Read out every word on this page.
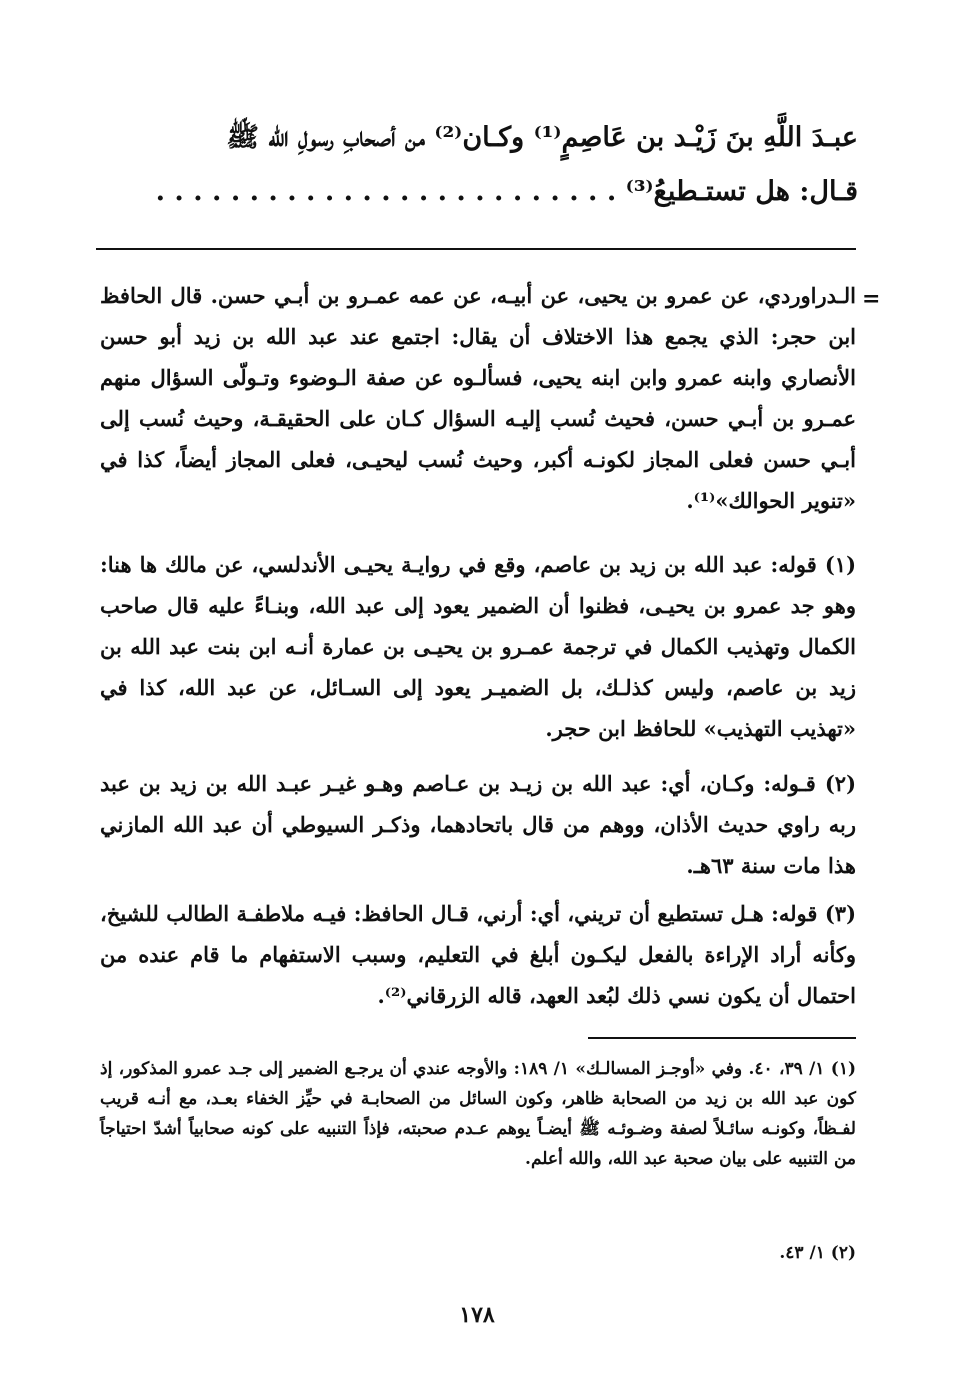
عبـدَ اللَّهِ بنَ زَيْـد بن عَاصِمٍ⁽¹⁾ وكـان⁽²⁾ من أصحابِ رسولِ الله ﷺ
قـال: هل تستـطيعُ⁽³⁾ . . . . . . . . . . . . . . . . . . . . . . . . .
=

الـدراوردي، عن عمرو بن يحيى، عن أبيـه، عن عمه عمـرو بن أبـي حسن. قال الحافظ ابن حجر: الذي يجمع هذا الاختلاف أن يقال: اجتمع عند عبد الله بن زيد أبو حسن الأنصاري وابنه عمرو وابن ابنه يحيى، فسألـوه عن صفة الـوضوء وتـولّى السؤال منهم عمـرو بن أبـي حسن، فحيث نُسب إليـه السؤال كـان على الحقيقـة، وحيث نُسب إلى أبـي حسن فعلى المجاز لكونـه أكبر، وحيث نُسب ليحيـى، فعلى المجاز أيضاً، كذا في «تنوير الحوالك»⁽¹⁾.

(١) قوله: عبد الله بن زيد بن عاصم، وقع في روايـة يحيـى الأندلسي، عن مالك ها هنا: وهو جد عمرو بن يحيـى، فظنوا أن الضمير يعود إلى عبد الله، وبنـاءً عليه قال صاحب الكمال وتهذيب الكمال في ترجمة عمـرو بن يحيـى بن عمارة أنـه ابن بنت عبد الله بن زيد بن عاصم، وليس كذلـك، بل الضميـر يعود إلى السـائل، عن عبد الله، كذا في «تهذيب التهذيب» للحافظ ابن حجر.

(٢) قـوله: وكـان، أي: عبد الله بن زيـد بن عـاصم وهـو غيـر عبـد الله بن زيد بن عبد ربه راوي حديث الأذان، ووهم من قال باتحادهما، وذكـر السيوطي أن عبد الله المازني هذا مات سنة ٦٣هـ.

(٣) قوله: هـل تستطيع أن تريني، أي: أرني، قـال الحافظ: فيـه ملاطفـة الطالب للشيخ، وكأنه أراد الإراءة بالفعل ليكـون أبلغ في التعليم، وسبب الاستفهام ما قام عنده من احتمال أن يكون نسي ذلك لبُعد العهد، قاله الزرقاني⁽²⁾.

(١) ١/ ٣٩، ٤٠. وفي «أوجـز المسالـك» ١/ ١٨٩: والأوجه عندي أن يرجـع الضمير إلى جـد عمرو المذكور، إذ كون عبد الله بن زيد من الصحابة ظاهر، وكون السائل من الصحابـة في حيِّز الخفاء بعـد، مع أنـه قريب لفـظاً، وكونـه سائـلاً لصفة وضـوئـه ﷺ أيضـاً يوهم عـدم صحبته، فإذاً التنبيه على كونه صحابياً أشدّ احتياجاً من التنبيه على بيان صحبة عبد الله، والله أعلم.

(٢) ١/ ٤٣.

١٧٨
